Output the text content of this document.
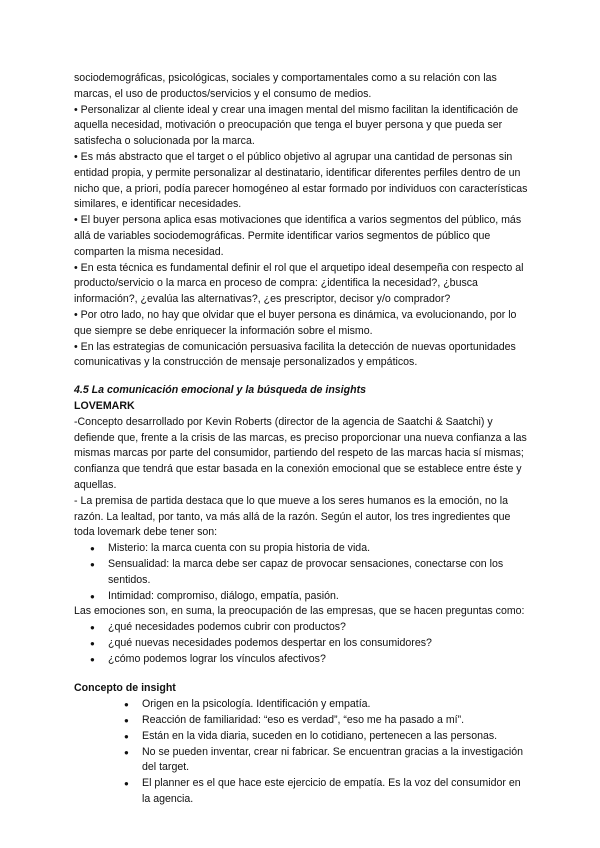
sociodemográficas, psicológicas, sociales y comportamentales como a su relación con las marcas, el uso de productos/servicios y el consumo de medios.

• Personalizar al cliente ideal y crear una imagen mental del mismo facilitan la identificación de aquella necesidad, motivación o preocupación que tenga el buyer persona y que pueda ser satisfecha o solucionada por la marca.

• Es más abstracto que el target o el público objetivo al agrupar una cantidad de personas sin entidad propia, y permite personalizar al destinatario, identificar diferentes perfiles dentro de un nicho que, a priori, podía parecer homogéneo al estar formado por individuos con características similares, e identificar necesidades.

• El buyer persona aplica esas motivaciones que identifica a varios segmentos del público, más allá de variables sociodemográficas. Permite identificar varios segmentos de público que comparten la misma necesidad.

• En esta técnica es fundamental definir el rol que el arquetipo ideal desempeña con respecto al producto/servicio o la marca en proceso de compra: ¿identifica la necesidad?, ¿busca información?, ¿evalúa las alternativas?, ¿es prescriptor, decisor y/o comprador?

• Por otro lado, no hay que olvidar que el buyer persona es dinámica, va evolucionando, por lo que siempre se debe enriquecer la información sobre el mismo.

• En las estrategias de comunicación persuasiva facilita la detección de nuevas oportunidades comunicativas y la construcción de mensaje personalizados y empáticos.

4.5 La comunicación emocional y la búsqueda de insights

LOVEMARK

-Concepto desarrollado por Kevin Roberts (director de la agencia de Saatchi & Saatchi) y defiende que, frente a la crisis de las marcas, es preciso proporcionar una nueva confianza a las mismas marcas por parte del consumidor, partiendo del respeto de las marcas hacia sí mismas; confianza que tendrá que estar basada en la conexión emocional que se establece entre éste y aquellas.

- La premisa de partida destaca que lo que mueve a los seres humanos es la emoción, no la razón. La lealtad, por tanto, va más allá de la razón. Según el autor, los tres ingredientes que toda lovemark debe tener son:

● Misterio: la marca cuenta con su propia historia de vida.
● Sensualidad: la marca debe ser capaz de provocar sensaciones, conectarse con los sentidos.
● Intimidad: compromiso, diálogo, empatía, pasión.

Las emociones son, en suma, la preocupación de las empresas, que se hacen preguntas como:

● ¿qué necesidades podemos cubrir con productos?
● ¿qué nuevas necesidades podemos despertar en los consumidores?
● ¿cómo podemos lograr los vínculos afectivos?

Concepto de insight

● Origen en la psicología. Identificación y empatía.
● Reacción de familiaridad: “eso es verdad”, “eso me ha pasado a mí”.
● Están en la vida diaria, suceden en lo cotidiano, pertenecen a las personas.
● No se pueden inventar, crear ni fabricar. Se encuentran gracias a la investigación del target.
● El planner es el que hace este ejercicio de empatía. Es la voz del consumidor en la agencia.
